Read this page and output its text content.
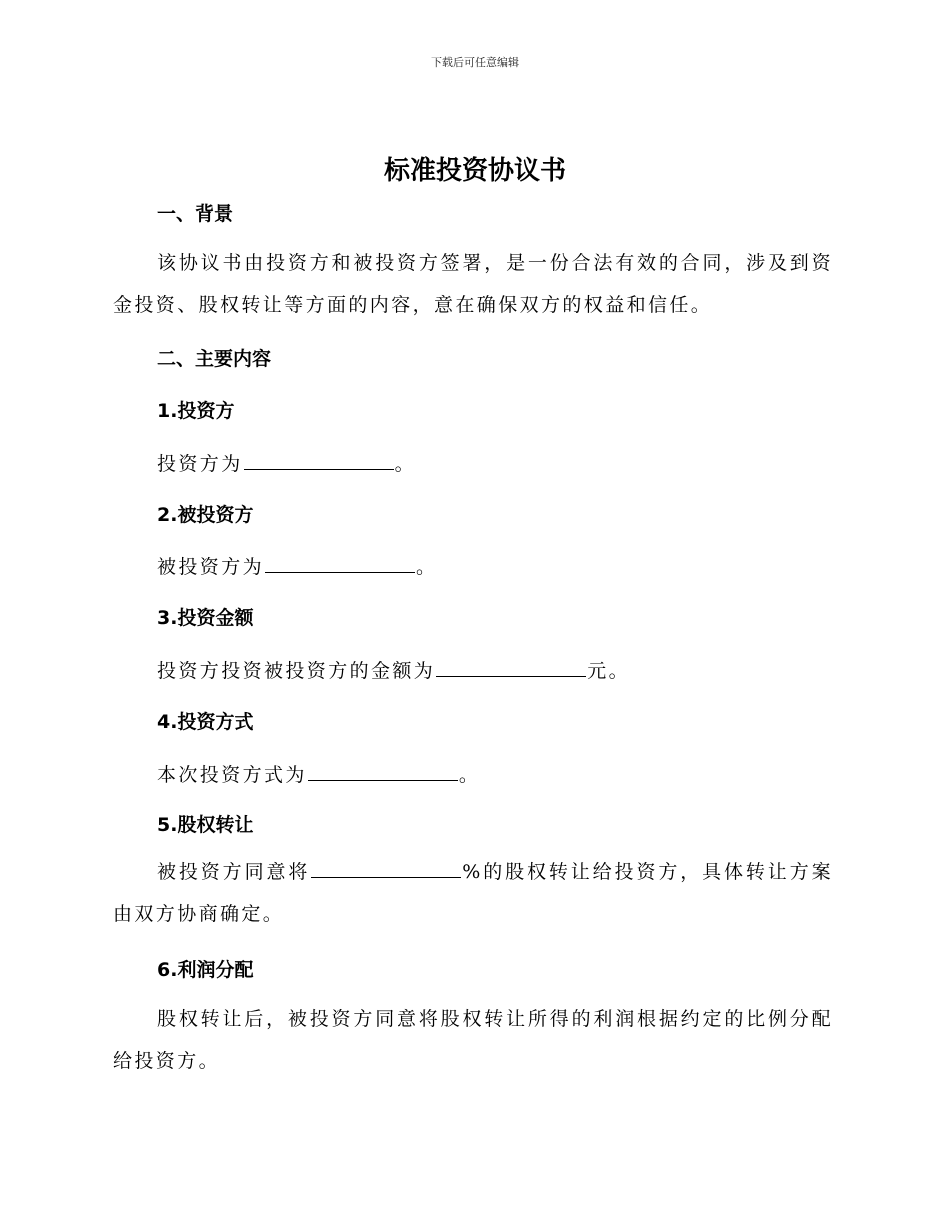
下载后可任意编辑
标准投资协议书
一、背景

该协议书由投资方和被投资方签署，是一份合法有效的合同，涉及到资金投资、股权转让等方面的内容，意在确保双方的权益和信任。

二、主要内容
1.投资方
投资方为	。
2.被投资方
被投资方为	。
3.投资金额
投资方投资被投资方的金额为	元。
4.投资方式
本次投资方式为	。
5.股权转让

被投资方同意将	%的股权转让给投资方，具体转让方案由双方协商确定。

6.利润分配

股权转让后，被投资方同意将股权转让所得的利润根据约定的比例分配给投资方。
